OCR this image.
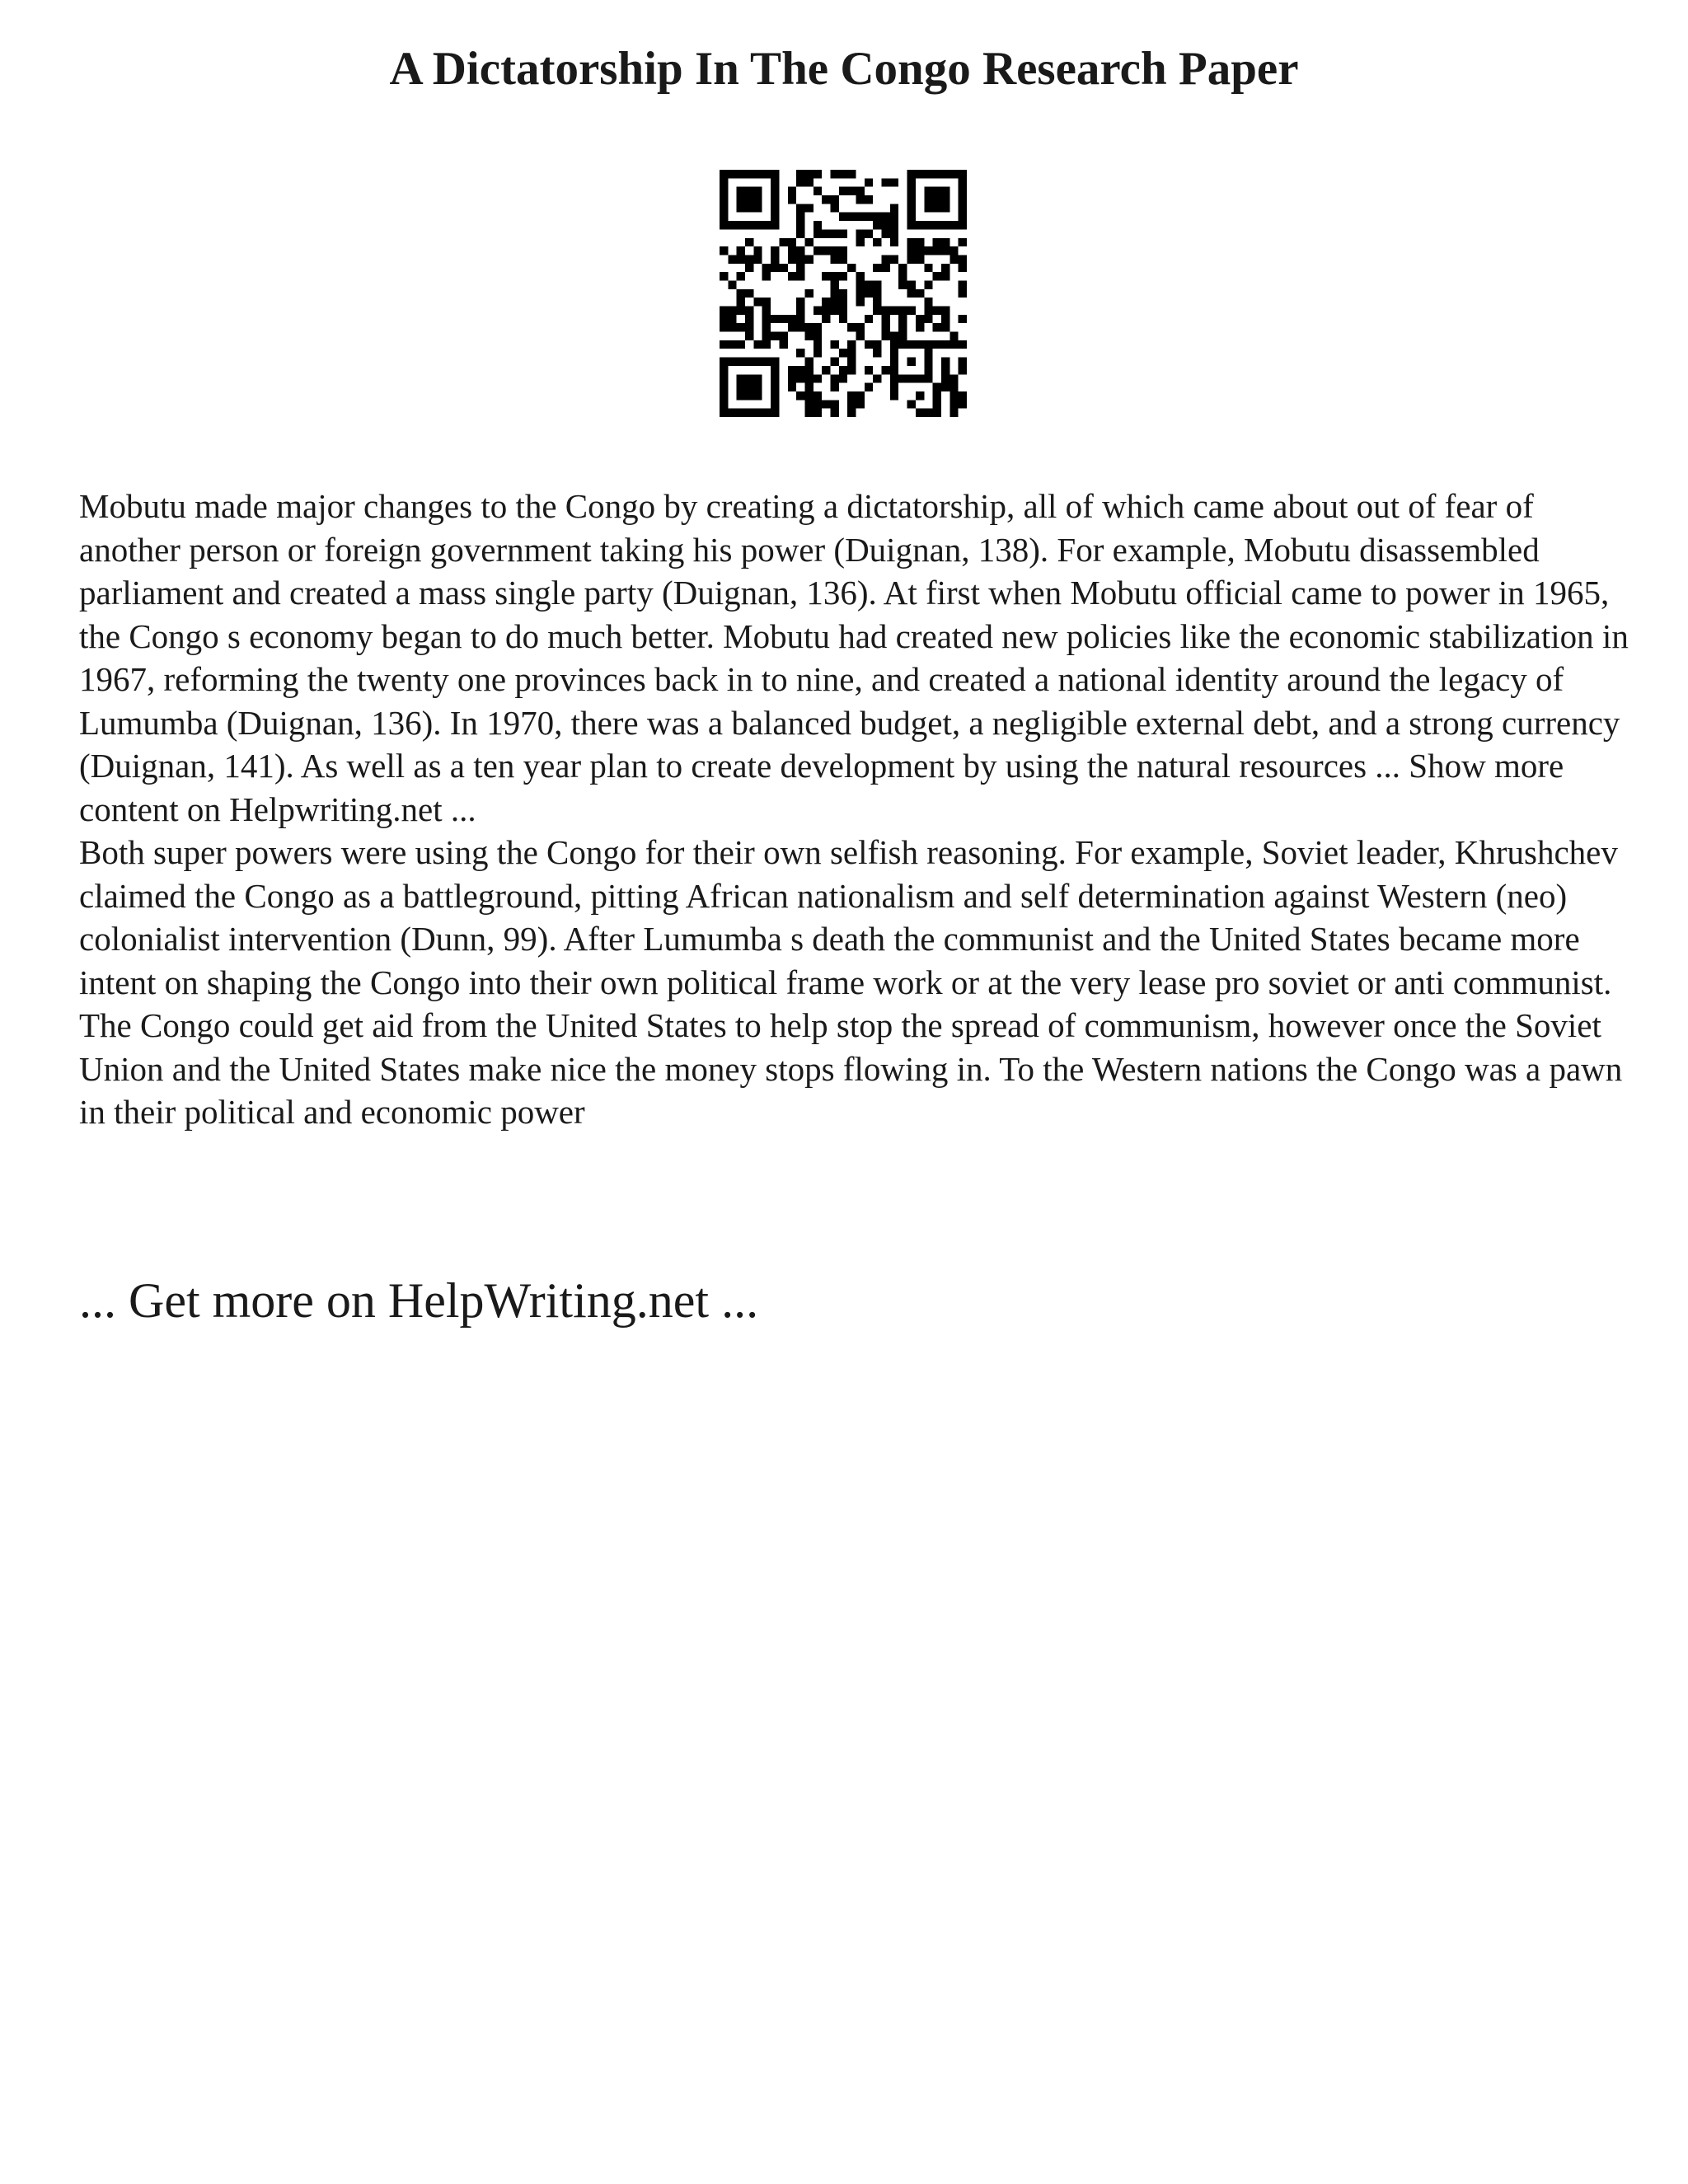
A Dictatorship In The Congo Research Paper

Mobutu made major changes to the Congo by creating a dictatorship, all of which came about out of fear of another person or foreign government taking his power (Duignan, 138). For example, Mobutu disassembled parliament and created a mass single party (Duignan, 136). At first when Mobutu official came to power in 1965, the Congo s economy began to do much better. Mobutu had created new policies like the economic stabilization in 1967, reforming the twenty one provinces back in to nine, and created a national identity around the legacy of Lumumba (Duignan, 136). In 1970, there was a balanced budget, a negligible external debt, and a strong currency (Duignan, 141). As well as a ten year plan to create development by using the natural resources ... Show more content on Helpwriting.net ...

Both super powers were using the Congo for their own selfish reasoning. For example, Soviet leader, Khrushchev claimed the Congo as a battleground, pitting African nationalism and self determination against Western (neo) colonialist intervention (Dunn, 99). After Lumumba s death the communist and the United States became more intent on shaping the Congo into their own political frame work or at the very lease pro soviet or anti communist. The Congo could get aid from the United States to help stop the spread of communism, however once the Soviet Union and the United States make nice the money stops flowing in. To the Western nations the Congo was a pawn in their political and economic power

... Get more on HelpWriting.net ...
